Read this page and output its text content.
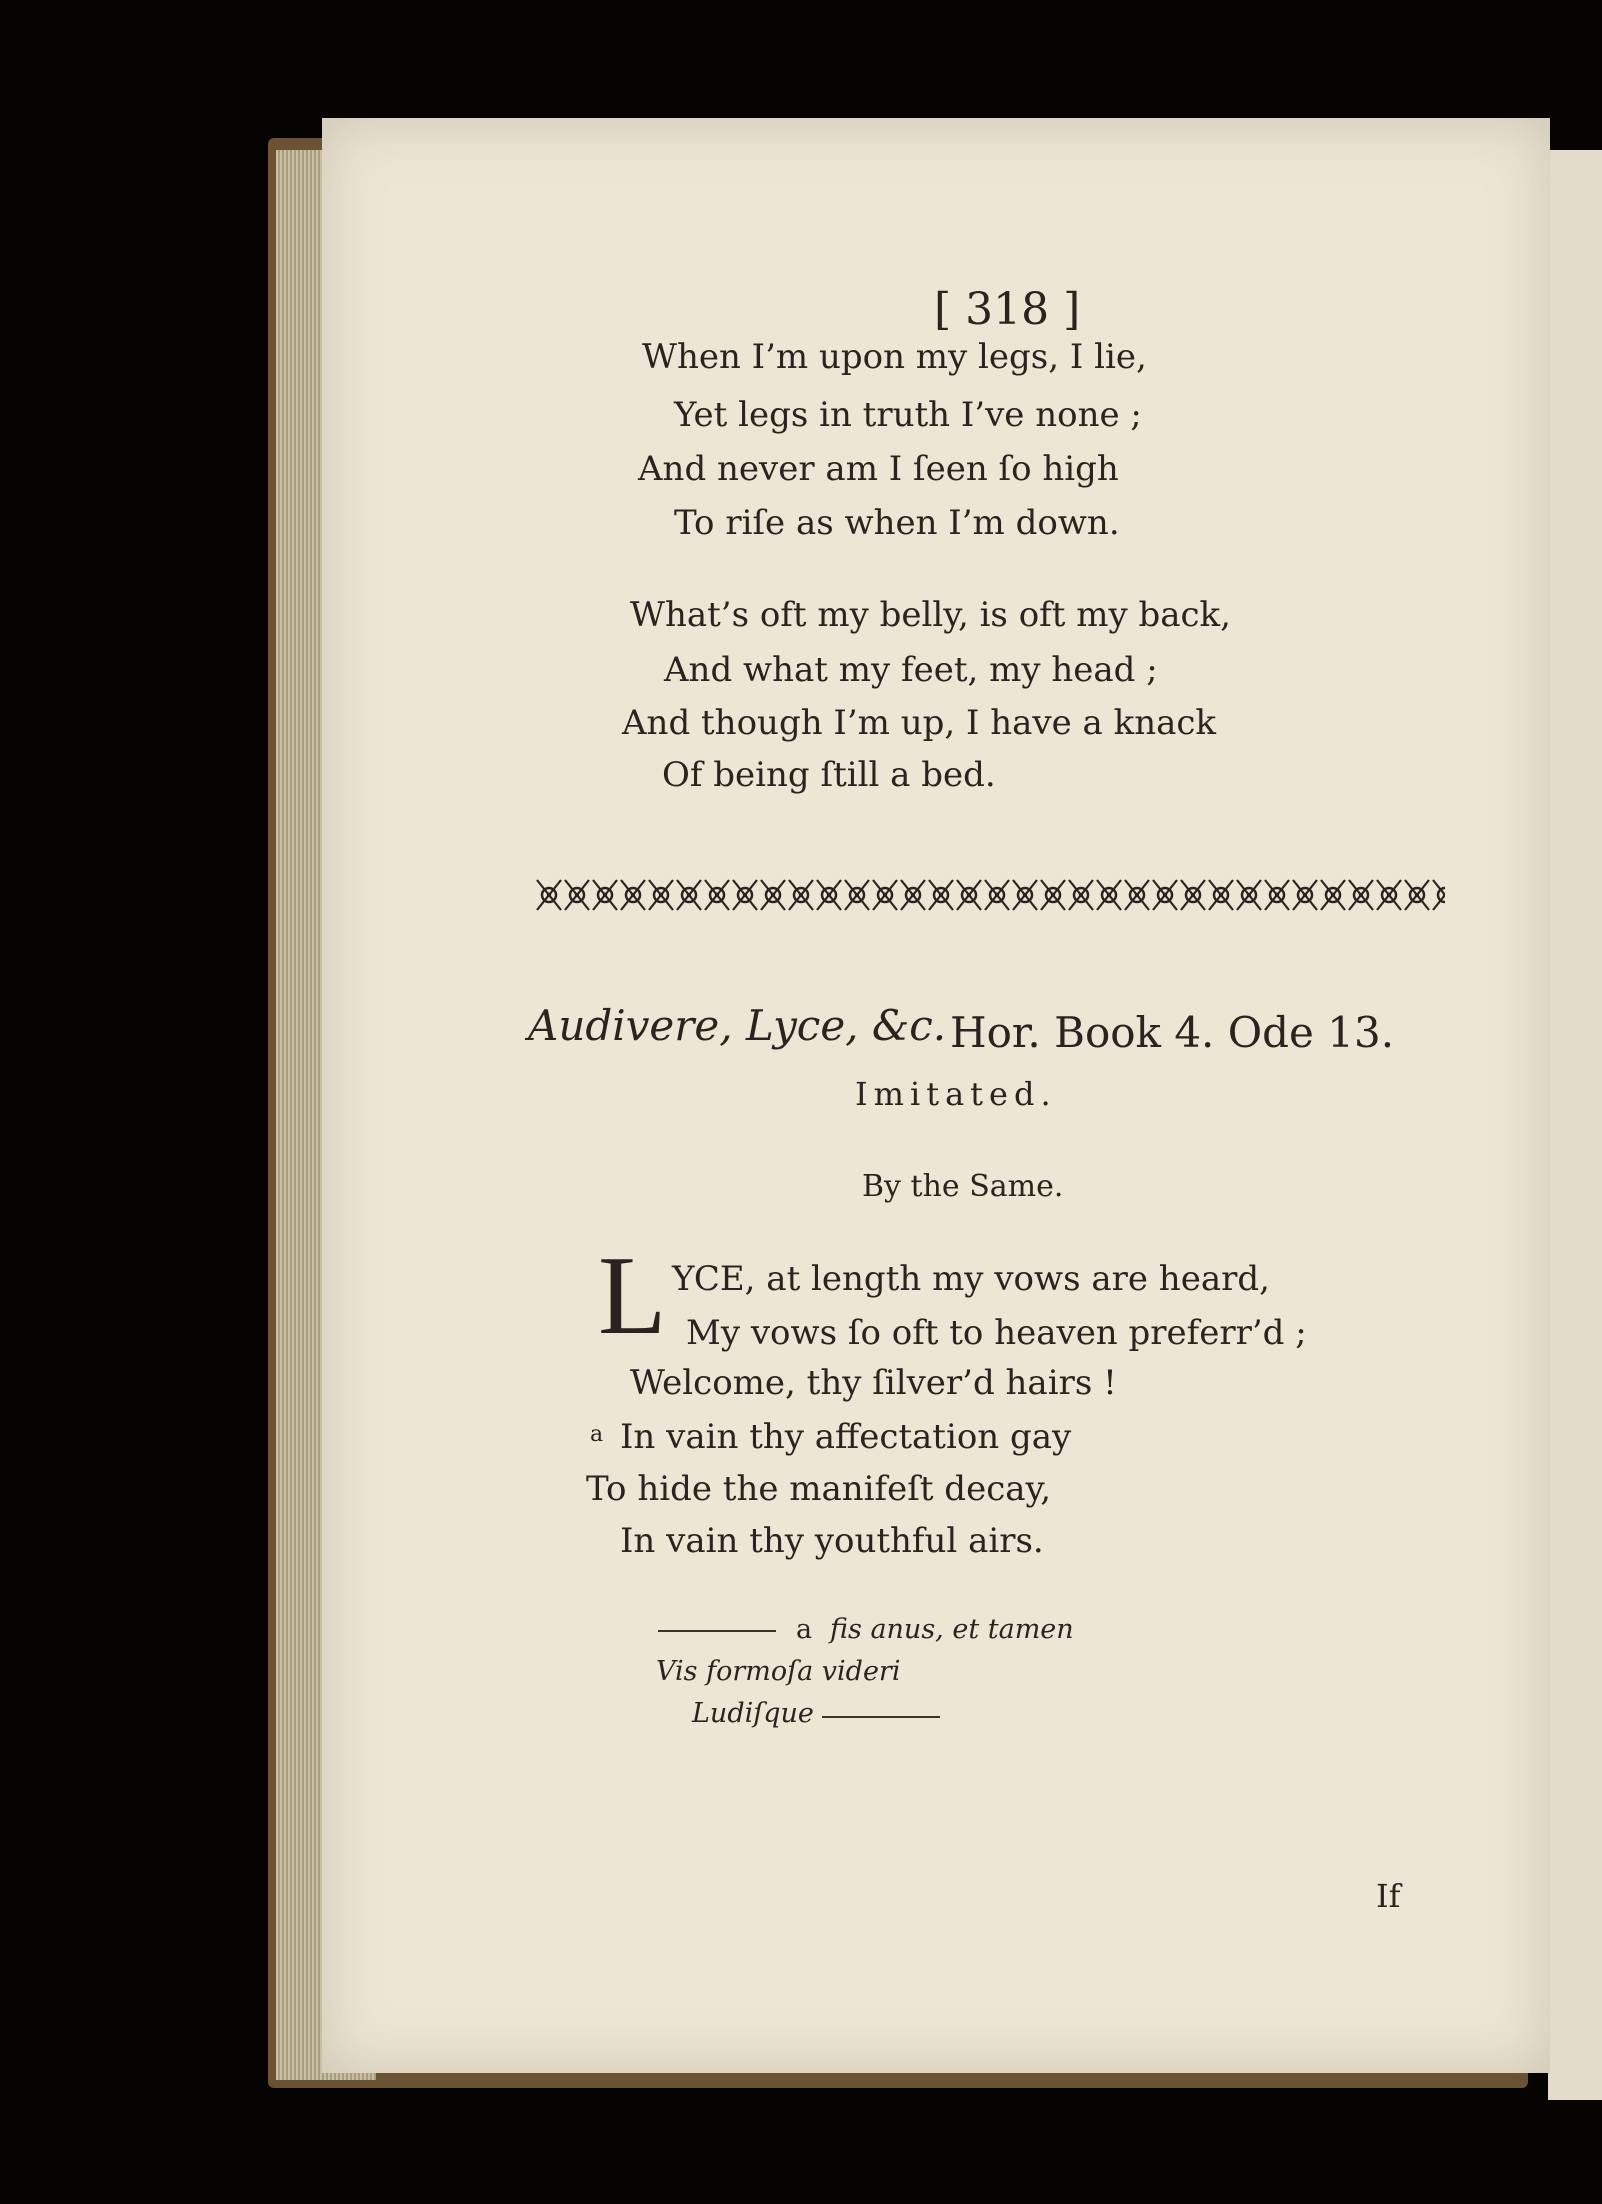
[ 318 ]
When I’m upon my legs, I lie,
Yet legs in truth I’ve none ;
And never am I ſeen ſo high
To riſe as when I’m down.
What’s oft my belly, is oft my back,
And what my feet, my head ;
And though I’m up, I have a knack
Of being ſtill a bed.
Audivere, Lyce, &c. Hor. Book 4. Ode 13.
Imitated.
By the Same.
L YCE, at length my vows are heard,
My vows ſo oft to heaven preferr’d ;
Welcome, thy ſilver’d hairs !
a In vain thy affectation gay
To hide the manifeſt decay,
In vain thy youthful airs.
a fis anus, et tamen
Vis formoſa videri
Ludiſque
If
